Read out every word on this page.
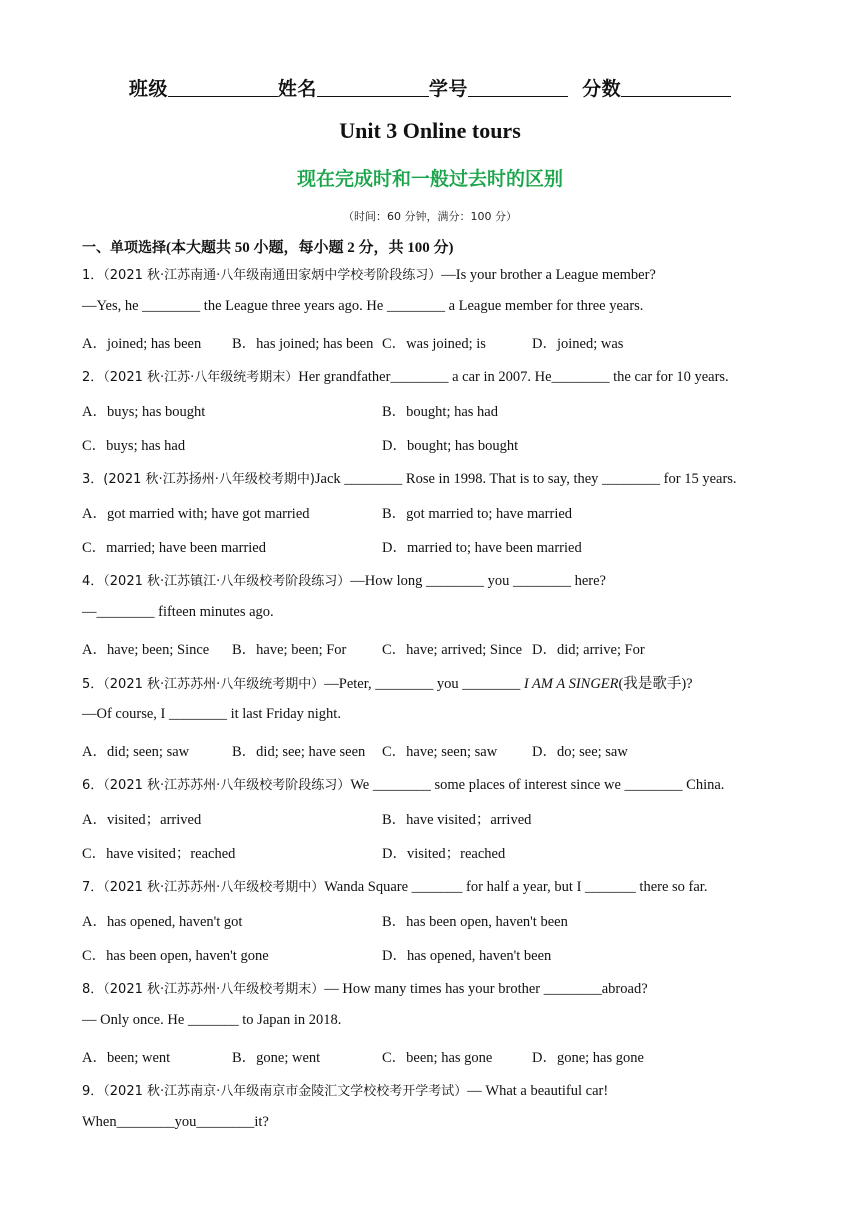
班级	姓名	学号	分数
Unit 3 Online tours
现在完成时和一般过去时的区别
（时间：60 分钟，满分：100 分）
一、单项选择(本大题共 50 小题，每小题 2 分，共 100 分)
1．（2021 秋·江苏南通·八年级南通田家炳中学校考阶段练习）—Is your brother a League member?
—Yes, he ________ the League three years ago. He ________ a League member for three years.
A．joined; has been B．has joined; has been C．was joined; is	D．joined; was
2．（2021 秋·江苏·八年级统考期末）Her grandfather________ a car in 2007. He________ the car for 10 years.
A．buys; has bought	B．bought; has had
C．buys; has had	D．bought; has bought
3．(2021 秋·江苏扬州·八年级校考期中)Jack ________ Rose in 1998. That is to say, they ________ for 15 years.
A．got married with; have got married	B．got married to; have married
C．married; have been married	D．married to; have been married
4．（2021 秋·江苏镇江·八年级校考阶段练习）—How long ________ you ________ here?
—________ fifteen minutes ago.
A．have; been; Since B．have; been; For C．have; arrived; Since D．did; arrive; For
5．（2021 秋·江苏苏州·八年级统考期中）—Peter, ________ you ________ I AM A SINGER(我是歌手)?
—Of course, I ________ it last Friday night.
A．did; seen; saw	B．did; see; have seen C．have; seen; saw D．do; see; saw
6．（2021 秋·江苏苏州·八年级校考阶段练习）We ________ some places of interest since we ________ China.
A．visited；arrived	B．have visited；arrived
C．have visited；reached	D．visited；reached
7．（2021 秋·江苏苏州·八年级校考期中）Wanda Square _______ for half a year, but I _______ there so far.
A．has opened, haven't got	B．has been open, haven't been
C．has been open, haven't gone	D．has opened, haven't been
8．（2021 秋·江苏苏州·八年级校考期末）— How many times has your brother ________abroad?
— Only once. He _______ to Japan in 2018.
A．been; went	B．gone; went	C．been; has gone	D．gone; has gone
9．（2021 秋·江苏南京·八年级南京市金陵汇文学校校考开学考试）— What a beautiful car!
When________you________it?
